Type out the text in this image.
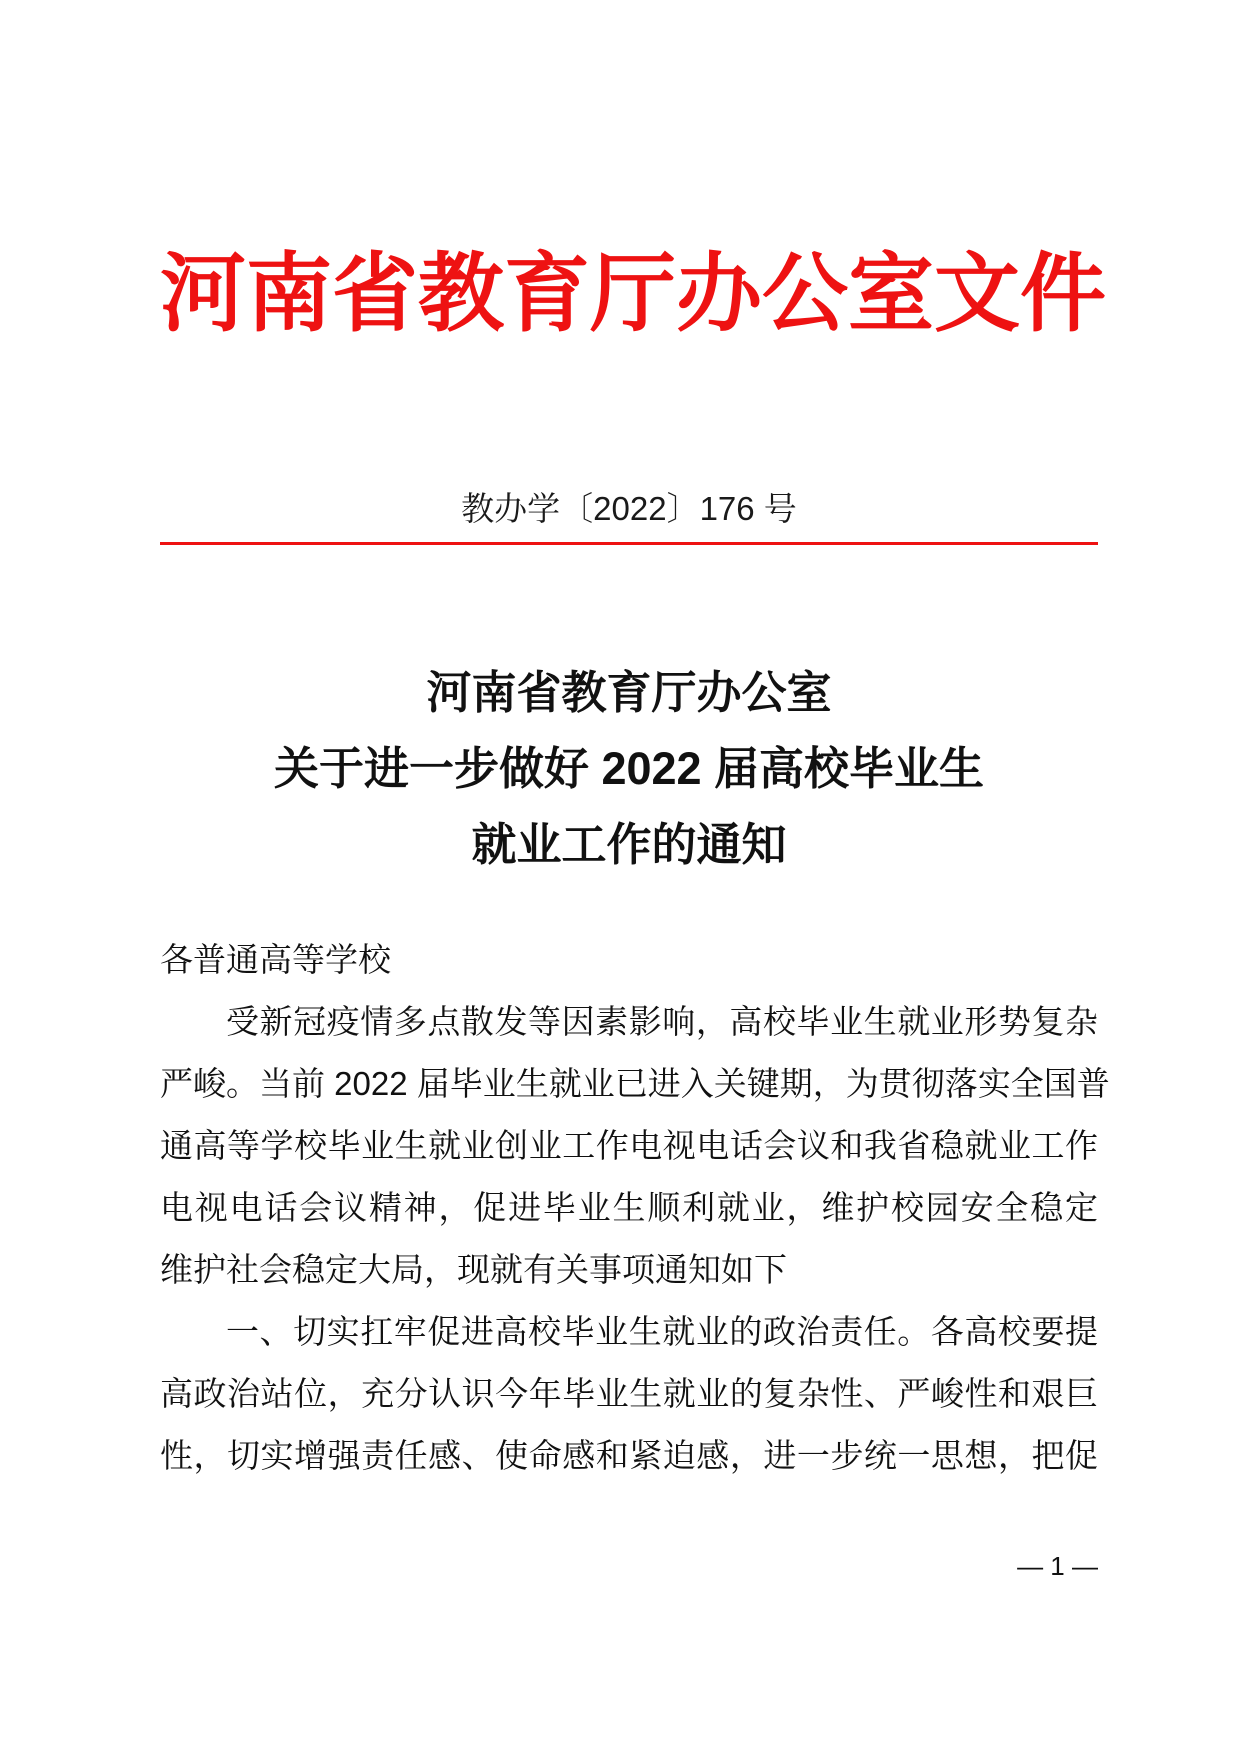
河南省教育厅办公室文件
教办学〔2022〕176 号
河南省教育厅办公室
关于进一步做好 2022 届高校毕业生
就业工作的通知
各普通高等学校
受新冠疫情多点散发等因素影响，高校毕业生就业形势复杂
严峻。当前 2022 届毕业生就业已进入关键期，为贯彻落实全国普
通高等学校毕业生就业创业工作电视电话会议和我省稳就业工作
电视电话会议精神，促进毕业生顺利就业，维护校园安全稳定
维护社会稳定大局，现就有关事项通知如下
一、切实扛牢促进高校毕业生就业的政治责任。各高校要提
高政治站位，充分认识今年毕业生就业的复杂性、严峻性和艰巨
性，切实增强责任感、使命感和紧迫感，进一步统一思想，把促
— 1 —
